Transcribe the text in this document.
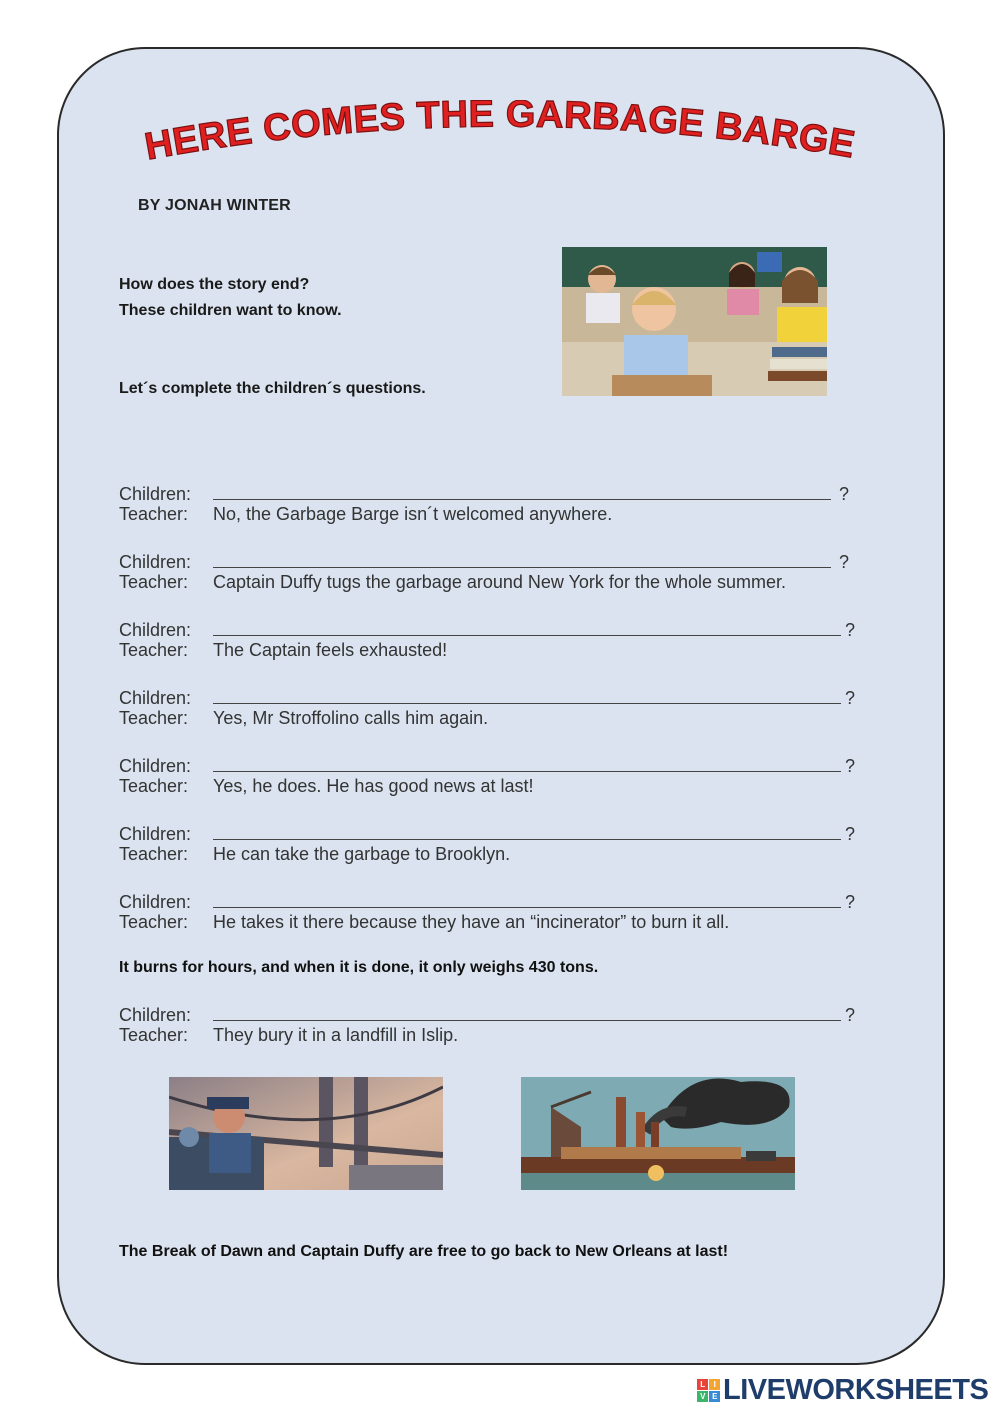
HERE COMES THE GARBAGE BARGE
BY JONAH WINTER
How does the story end?
These children want to know.
Let´s complete the children´s questions.
Children:	?
Teacher:	No, the Garbage Barge isn´t welcomed anywhere.
Children:	?
Teacher:	Captain Duffy tugs the garbage around New York for the whole summer.
Children:	?
Teacher:	The Captain feels exhausted!
Children:	?
Teacher:	Yes, Mr Stroffolino calls him again.
Children:	?
Teacher:	Yes, he does. He has good news at last!
Children:	?
Teacher:	He can take the garbage to Brooklyn.
Children:	?
Teacher:	He takes it there because they have an “incinerator” to burn it all.
It burns for hours, and when it is done, it only weighs 430 tons.
Children:	?
Teacher:	They bury it in a landfill in Islip.
The Break of Dawn and Captain Duffy are free to go back to New Orleans at last!
L	I
V E LIVEWORKSHEETS
